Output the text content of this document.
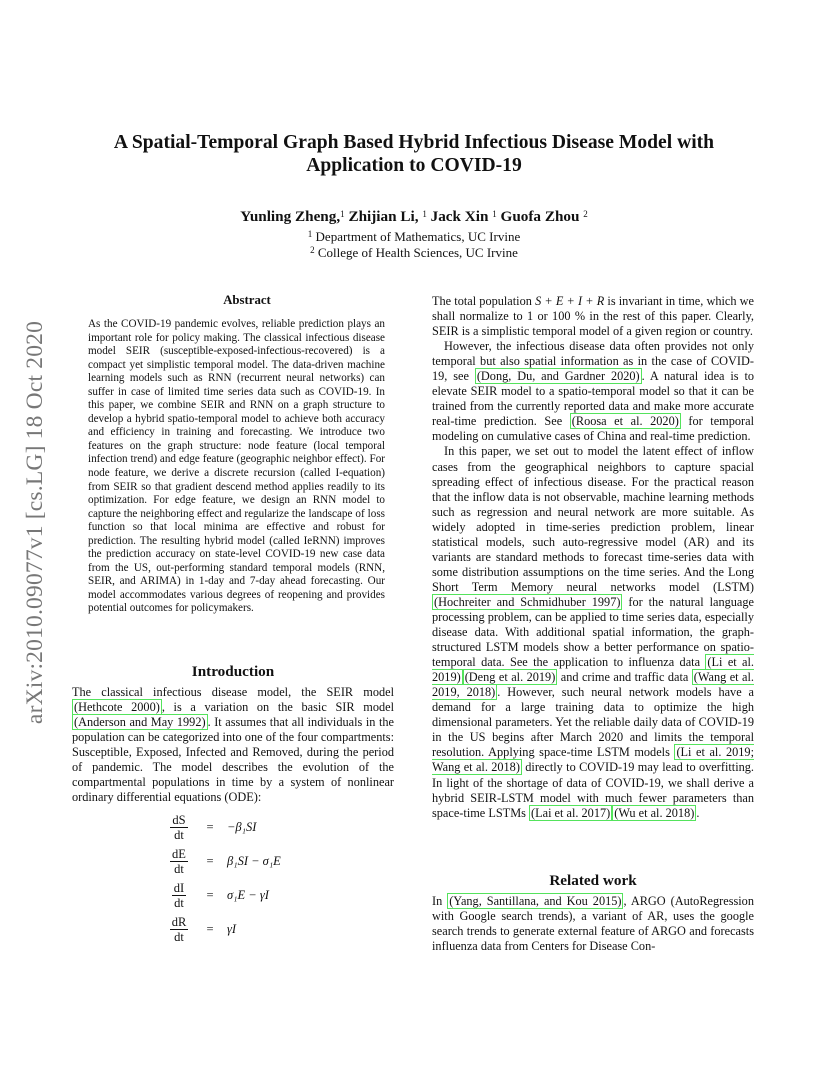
arXiv:2010.09077v1 [cs.LG] 18 Oct 2020
A Spatial-Temporal Graph Based Hybrid Infectious Disease Model with Application to COVID-19
Yunling Zheng,$^1$ Zhijian Li, $^1$ Jack Xin $^1$ Guofa Zhou $^2$
$^1$ Department of Mathematics, UC Irvine
$^2$ College of Health Sciences, UC Irvine
Abstract

As the COVID-19 pandemic evolves, reliable prediction plays an important role for policy making. The classical infectious disease model SEIR (susceptible-exposed-infectious-recovered) is a compact yet simplistic temporal model. The data-driven machine learning models such as RNN (recurrent neural networks) can suffer in case of limited time series data such as COVID-19. In this paper, we combine SEIR and RNN on a graph structure to develop a hybrid spatio-temporal model to achieve both accuracy and efficiency in training and forecasting. We introduce two features on the graph structure: node feature (local temporal infection trend) and edge feature (geographic neighbor effect). For node feature, we derive a discrete recursion (called I-equation) from SEIR so that gradient descend method applies readily to its optimization. For edge feature, we design an RNN model to capture the neighboring effect and regularize the landscape of loss function so that local minima are effective and robust for prediction. The resulting hybrid model (called IeRNN) improves the prediction accuracy on state-level COVID-19 new case data from the US, out-performing standard temporal models (RNN, SEIR, and ARIMA) in 1-day and 7-day ahead forecasting. Our model accommodates various degrees of reopening and provides potential outcomes for policymakers.

Introduction

The classical infectious disease model, the SEIR model (Hethcote 2000) , is a variation on the basic SIR model (Anderson and May 1992) . It assumes that all individuals in the population can be categorized into one of the four compartments: Susceptible, Exposed, Infected and Removed, during the period of pandemic. The model describes the evolution of the compartmental populations in time by a system of nonlinear ordinary differential equations (ODE):

$\frac{dS}{dt}$	=	−β₁SI
$\frac{dE}{dt}$	=	β₁SI − σ₁E
$\frac{dI}{dt}$	=	σ₁E − γI
$\frac{dR}{dt}$	=	γI

The total population S + E + I + R is invariant in time, which we shall normalize to 1 or 100 % in the rest of this paper. Clearly, SEIR is a simplistic temporal model of a given region or country.

However, the infectious disease data often provides not only temporal but also spatial information as in the case of COVID-19, see (Dong, Du, and Gardner 2020) . A natural idea is to elevate SEIR model to a spatio-temporal model so that it can be trained from the currently reported data and make more accurate real-time prediction. See (Roosa et al. 2020) for temporal modeling on cumulative cases of China and real-time prediction.

In this paper, we set out to model the latent effect of inflow cases from the geographical neighbors to capture spacial spreading effect of infectious disease. For the practical reason that the inflow data is not observable, machine learning methods such as regression and neural network are more suitable. As widely adopted in time-series prediction problem, linear statistical models, such auto-regressive model (AR) and its variants are standard methods to forecast time-series data with some distribution assumptions on the time series. And the Long Short Term Memory neural networks model (LSTM) (Hochreiter and Schmidhuber 1997) for the natural language processing problem, can be applied to time series data, especially disease data. With additional spatial information, the graph-structured LSTM models show a better performance on spatio-temporal data. See the application to influenza data (Li et al. 2019) (Deng et al. 2019) and crime and traffic data (Wang et al. 2019, 2018) . However, such neural network models have a demand for a large training data to optimize the high dimensional parameters. Yet the reliable daily data of COVID-19 in the US begins after March 2020 and limits the temporal resolution. Applying space-time LSTM models (Li et al. 2019; Wang et al. 2018) directly to COVID-19 may lead to overfitting. In light of the shortage of data of COVID-19, we shall derive a hybrid SEIR-LSTM model with much fewer parameters than space-time LSTMs (Lai et al. 2017) (Wu et al. 2018) .

Related work

In (Yang, Santillana, and Kou 2015) , ARGO (AutoRegression with Google search trends), a variant of AR, uses the google search trends to generate external feature of ARGO and forecasts influenza data from Centers for Disease Con-
